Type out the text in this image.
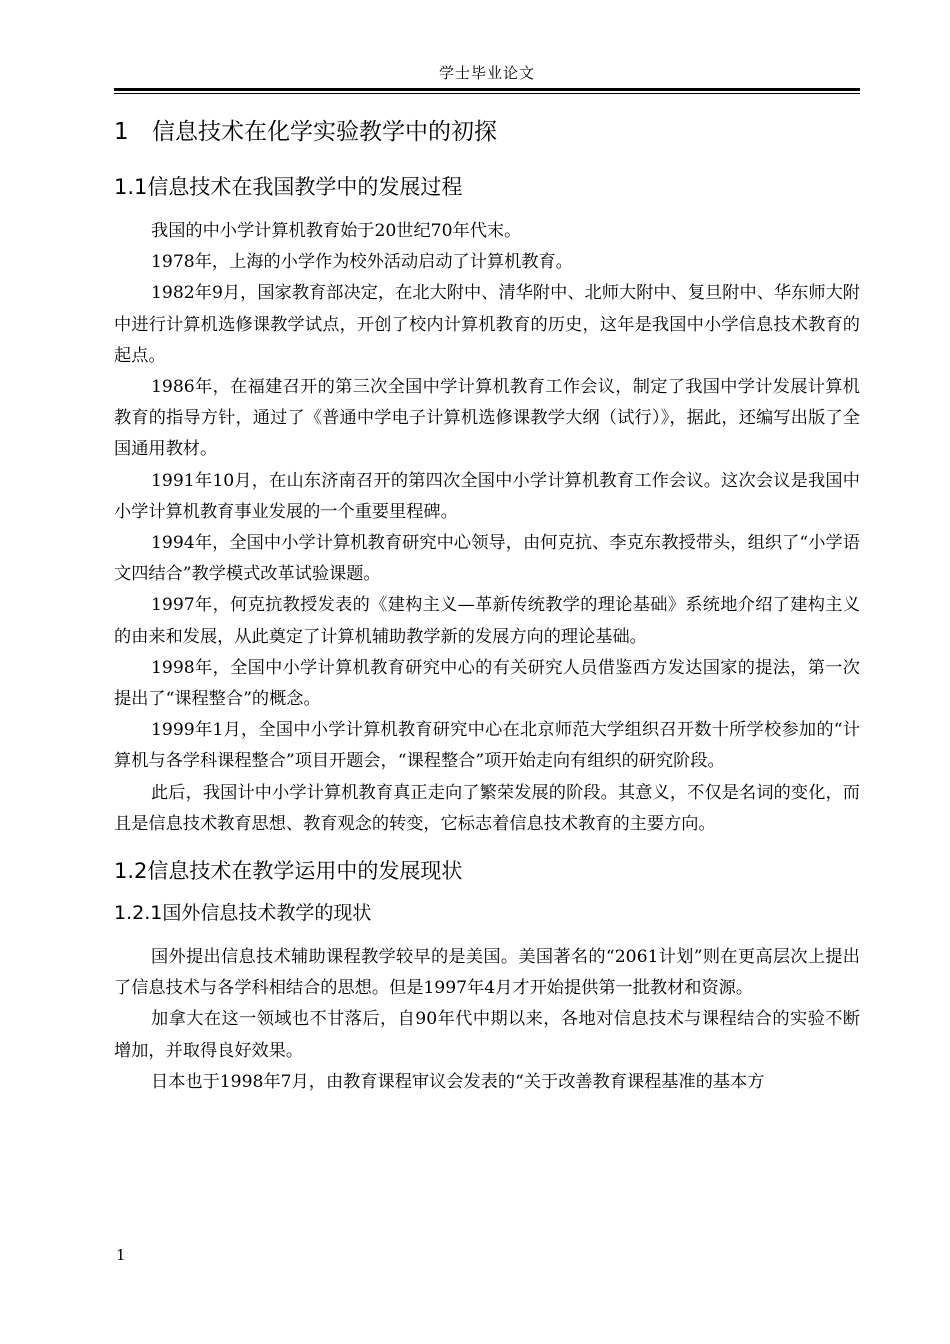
学士毕业论文
1	信息技术在化学实验教学中的初探
1.1信息技术在我国教学中的发展过程

我国的中小学计算机教育始于20世纪70年代末。

1978年，上海的小学作为校外活动启动了计算机教育。

1982年9月，国家教育部决定，在北大附中、清华附中、北师大附中、复旦附中、华东师大附中进行计算机选修课教学试点，开创了校内计算机教育的历史，这年是我国中小学信息技术教育的起点。

1986年，在福建召开的第三次全国中学计算机教育工作会议，制定了我国中学计发展计算机教育的指导方针，通过了《普通中学电子计算机选修课教学大纲（试行）》，据此，还编写出版了全国通用教材。

1991年10月，在山东济南召开的第四次全国中小学计算机教育工作会议。这次会议是我国中小学计算机教育事业发展的一个重要里程碑。

1994年，全国中小学计算机教育研究中心领导，由何克抗、李克东教授带头，组织了“小学语文四结合”教学模式改革试验课题。

1997年，何克抗教授发表的《建构主义—革新传统教学的理论基础》系统地介绍了建构主义的由来和发展，从此奠定了计算机辅助教学新的发展方向的理论基础。

1998年，全国中小学计算机教育研究中心的有关研究人员借鉴西方发达国家的提法，第一次提出了“课程整合”的概念。

1999年1月，全国中小学计算机教育研究中心在北京师范大学组织召开数十所学校参加的“计算机与各学科课程整合”项目开题会，“课程整合”项开始走向有组织的研究阶段。

此后，我国计中小学计算机教育真正走向了繁荣发展的阶段。其意义，不仅是名词的变化，而且是信息技术教育思想、教育观念的转变，它标志着信息技术教育的主要方向。

1.2信息技术在教学运用中的发展现状
1.2.1国外信息技术教学的现状

国外提出信息技术辅助课程教学较早的是美国。美国著名的“2061计划”则在更高层次上提出了信息技术与各学科相结合的思想。但是1997年4月才开始提供第一批教材和资源。

加拿大在这一领域也不甘落后，自90年代中期以来，各地对信息技术与课程结合的实验不断增加，并取得良好效果。

日本也于1998年7月，由教育课程审议会发表的“关于改善教育课程基准的基本方

1
